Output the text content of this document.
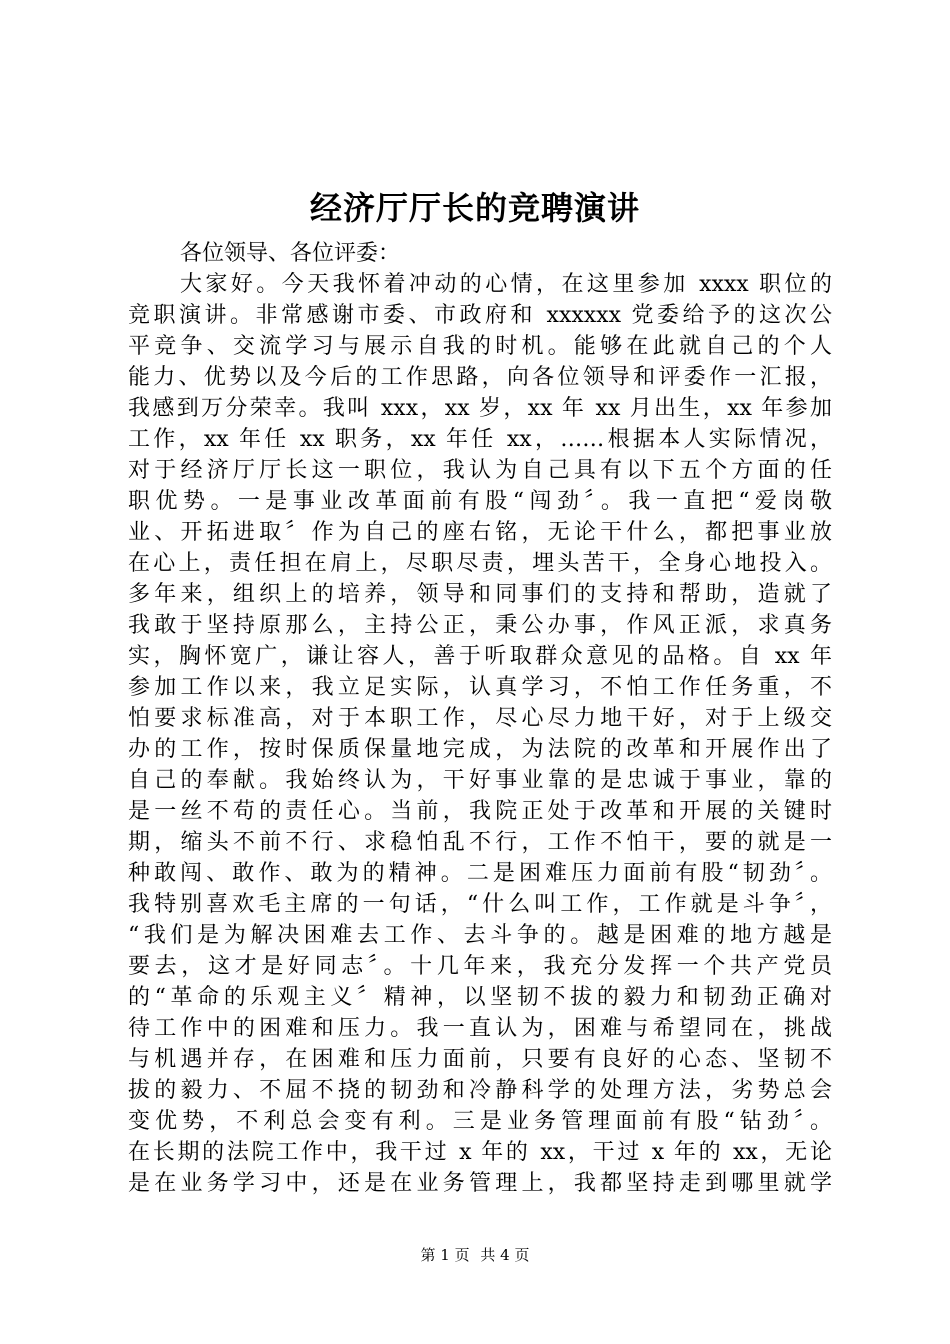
经济厅厅长的竞聘演讲
各位领导、各位评委：
大家好。今天我怀着冲动的心情，在这里参加 xxxx 职位的
竞职演讲。非常感谢市委、市政府和 xxxxxx 党委给予的这次公
平竞争、交流学习与展示自我的时机。能够在此就自己的个人
能力、优势以及今后的工作思路，向各位领导和评委作一汇报，
我感到万分荣幸。我叫 xxx，xx 岁，xx 年 xx 月出生，xx 年参加
工作，xx 年任 xx 职务，xx 年任 xx，……根据本人实际情况，
对于经济厅厅长这一职位，我认为自己具有以下五个方面的任
职优势。一是事业改革面前有股“闯劲〞。我一直把“爱岗敬
业、开拓进取〞作为自己的座右铭，无论干什么，都把事业放
在心上，责任担在肩上，尽职尽责，埋头苦干，全身心地投入。
多年来，组织上的培养，领导和同事们的支持和帮助，造就了
我敢于坚持原那么，主持公正，秉公办事，作风正派，求真务
实，胸怀宽广，谦让容人，善于听取群众意见的品格。自 xx 年
参加工作以来，我立足实际，认真学习，不怕工作任务重，不
怕要求标准高，对于本职工作，尽心尽力地干好，对于上级交
办的工作，按时保质保量地完成，为法院的改革和开展作出了
自己的奉献。我始终认为，干好事业靠的是忠诚于事业，靠的
是一丝不苟的责任心。当前，我院正处于改革和开展的关键时
期，缩头不前不行、求稳怕乱不行，工作不怕干，要的就是一
种敢闯、敢作、敢为的精神。二是困难压力面前有股“韧劲〞。
我特别喜欢毛主席的一句话，“什么叫工作，工作就是斗争〞，
“我们是为解决困难去工作、去斗争的。越是困难的地方越是
要去，这才是好同志〞。十几年来，我充分发挥一个共产党员
的“革命的乐观主义〞精神，以坚韧不拔的毅力和韧劲正确对
待工作中的困难和压力。我一直认为，困难与希望同在，挑战
与机遇并存，在困难和压力面前，只要有良好的心态、坚韧不
拔的毅力、不屈不挠的韧劲和冷静科学的处理方法，劣势总会
变优势，不利总会变有利。三是业务管理面前有股“钻劲〞。
在长期的法院工作中，我干过 x 年的 xx，干过 x 年的 xx，无论
是在业务学习中，还是在业务管理上，我都坚持走到哪里就学
第 1 页 共 4 页
